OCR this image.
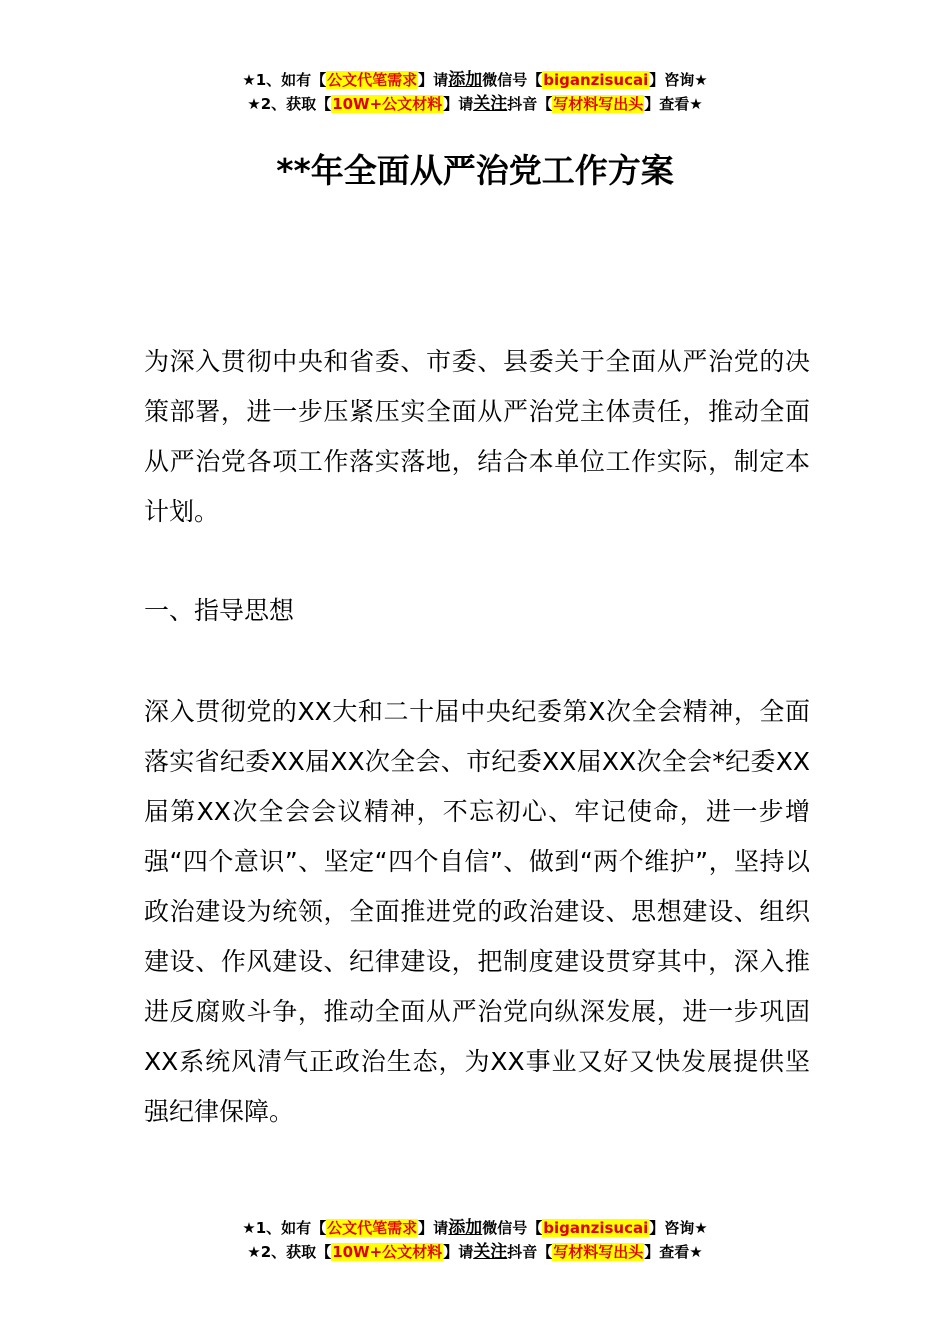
★1、如有【公文代笔需求】请添加微信号【biganzisucai】咨询★
★2、获取【10W+公文材料】请关注抖音【写材料写出头】查看★
**年全面从严治党工作方案

为深入贯彻中央和省委、市委、县委关于全面从严治党的决策部署，进一步压紧压实全面从严治党主体责任，推动全面从严治党各项工作落实落地，结合本单位工作实际，制定本计划。

一、指导思想

深入贯彻党的XX大和二十届中央纪委第X次全会精神，全面落实省纪委XX届XX次全会、市纪委XX届XX次全会*纪委XX届第XX次全会会议精神，不忘初心、牢记使命，进一步增强“四个意识”、坚定“四个自信”、做到“两个维护”，坚持以政治建设为统领，全面推进党的政治建设、思想建设、组织建设、作风建设、纪律建设，把制度建设贯穿其中，深入推进反腐败斗争，推动全面从严治党向纵深发展，进一步巩固XX系统风清气正政治生态，为XX事业又好又快发展提供坚强纪律保障。

★1、如有【公文代笔需求】请添加微信号【biganzisucai】咨询★
★2、获取【10W+公文材料】请关注抖音【写材料写出头】查看★
